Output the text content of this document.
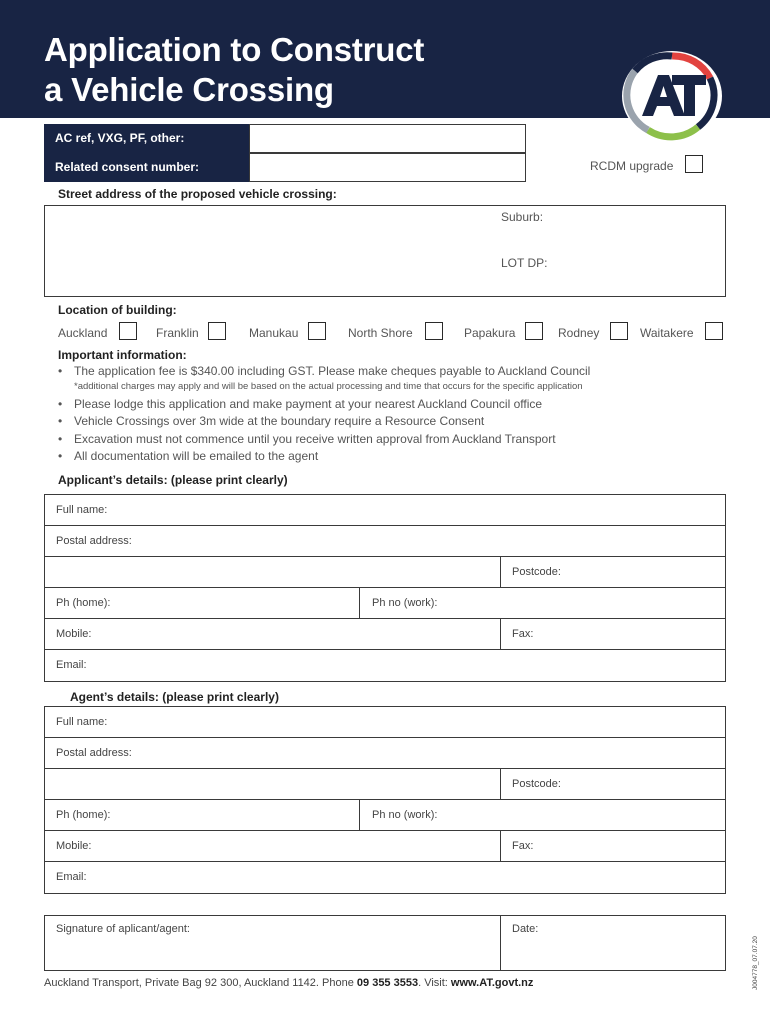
Application to Construct
a Vehicle Crossing
AC ref, VXG, PF, other:
Related consent number:	RCDM upgrade
Street address of the proposed vehicle crossing:
Suburb:
LOT DP:
Location of building:
Auckland	Franklin	Manukau	North Shore	Papakura	Rodney	Waitakere
Important information:
• The application fee is $340.00 including GST. Please make cheques payable to Auckland Council
*additional charges may apply and will be based on the actual processing and time that occurs for the specific application
• Please lodge this application and make payment at your nearest Auckland Council office
• Vehicle Crossings over 3m wide at the boundary require a Resource Consent
• Excavation must not commence until you receive written approval from Auckland Transport
• All documentation will be emailed to the agent
Applicant’s details: (please print clearly)
Full name:
Postal address:
Postcode:
Ph (home):	Ph no (work):
Mobile:	Fax:
Email:
Agent’s details: (please print clearly)
Full name:
Postal address:
Postcode:
Ph (home):	Ph no (work):
Mobile:	Fax:
Email:
Signature of aplicant/agent:	Date:
Auckland Transport, Private Bag 92 300, Auckland 1142. Phone 09 355 3553. Visit: www.AT.govt.nz	J004778_07.07.20
